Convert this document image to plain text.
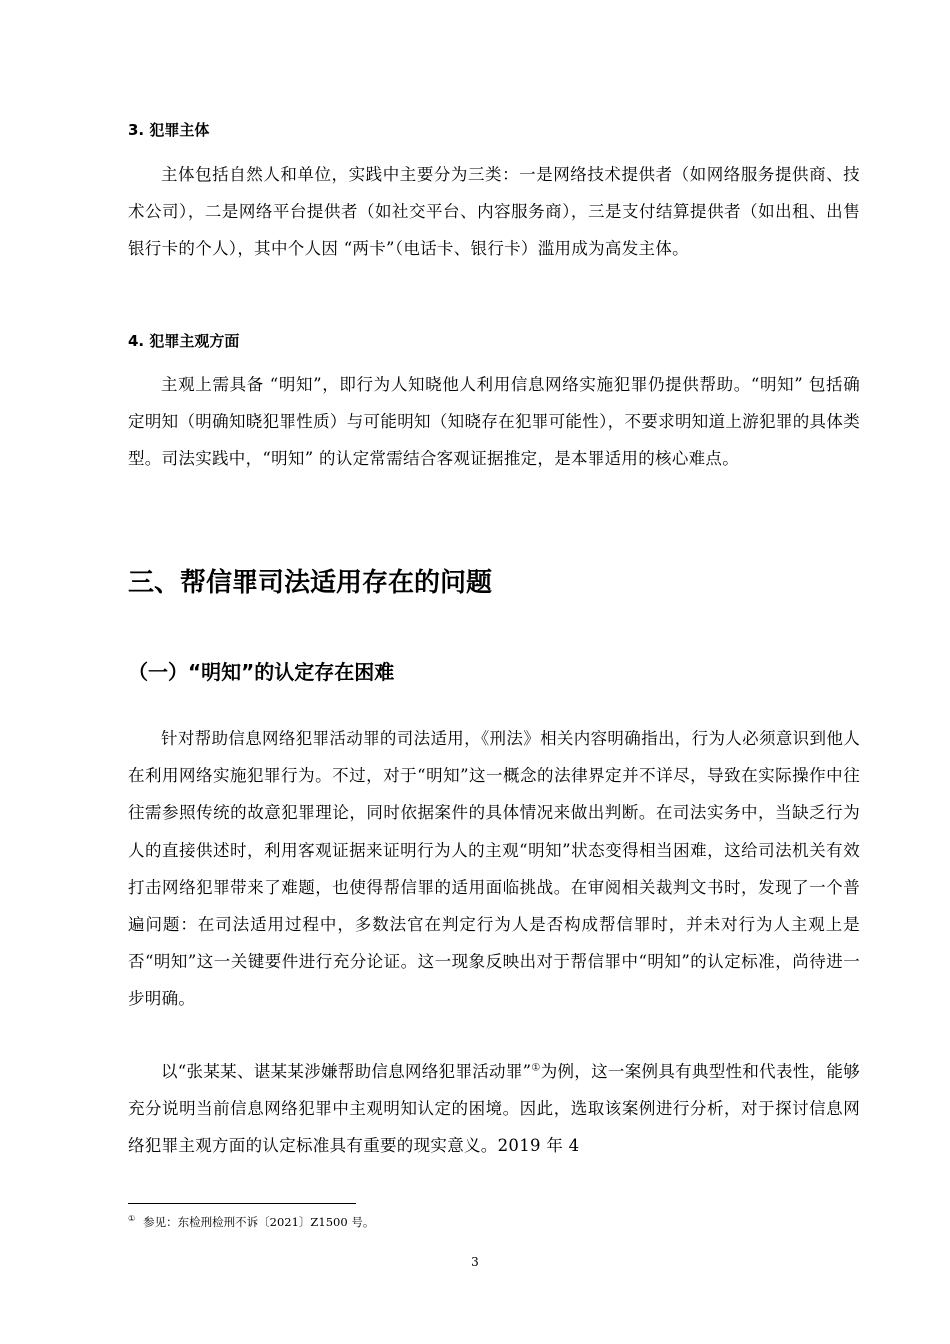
3. 犯罪主体

主体包括自然人和单位，实践中主要分为三类：一是网络技术提供者（如网络服务提供商、技术公司），二是网络平台提供者（如社交平台、内容服务商），三是支付结算提供者（如出租、出售银行卡的个人），其中个人因 “两卡”（电话卡、银行卡）滥用成为高发主体。

4. 犯罪主观方面

主观上需具备 “明知”，即行为人知晓他人利用信息网络实施犯罪仍提供帮助。“明知” 包括确定明知（明确知晓犯罪性质）与可能明知（知晓存在犯罪可能性），不要求明知道上游犯罪的具体类型。司法实践中，“明知” 的认定常需结合客观证据推定，是本罪适用的核心难点。

三、帮信罪司法适用存在的问题
（一）“明知”的认定存在困难

针对帮助信息网络犯罪活动罪的司法适用，《刑法》相关内容明确指出，行为人必须意识到他人在利用网络实施犯罪行为。不过，对于“明知”这一概念的法律界定并不详尽，导致在实际操作中往往需参照传统的故意犯罪理论，同时依据案件的具体情况来做出判断。在司法实务中，当缺乏行为人的直接供述时，利用客观证据来证明行为人的主观“明知”状态变得相当困难，这给司法机关有效打击网络犯罪带来了难题，也使得帮信罪的适用面临挑战。在审阅相关裁判文书时，发现了一个普遍问题：在司法适用过程中，多数法官在判定行为人是否构成帮信罪时，并未对行为人主观上是否“明知”这一关键要件进行充分论证。这一现象反映出对于帮信罪中“明知”的认定标准，尚待进一步明确。

以“张某某、谌某某涉嫌帮助信息网络犯罪活动罪”①为例，这一案例具有典型性和代表性，能够充分说明当前信息网络犯罪中主观明知认定的困境。因此，选取该案例进行分析，对于探讨信息网络犯罪主观方面的认定标准具有重要的现实意义。2019 年 4

① 参见：东检刑检刑不诉〔2021〕Z1500 号。

3
